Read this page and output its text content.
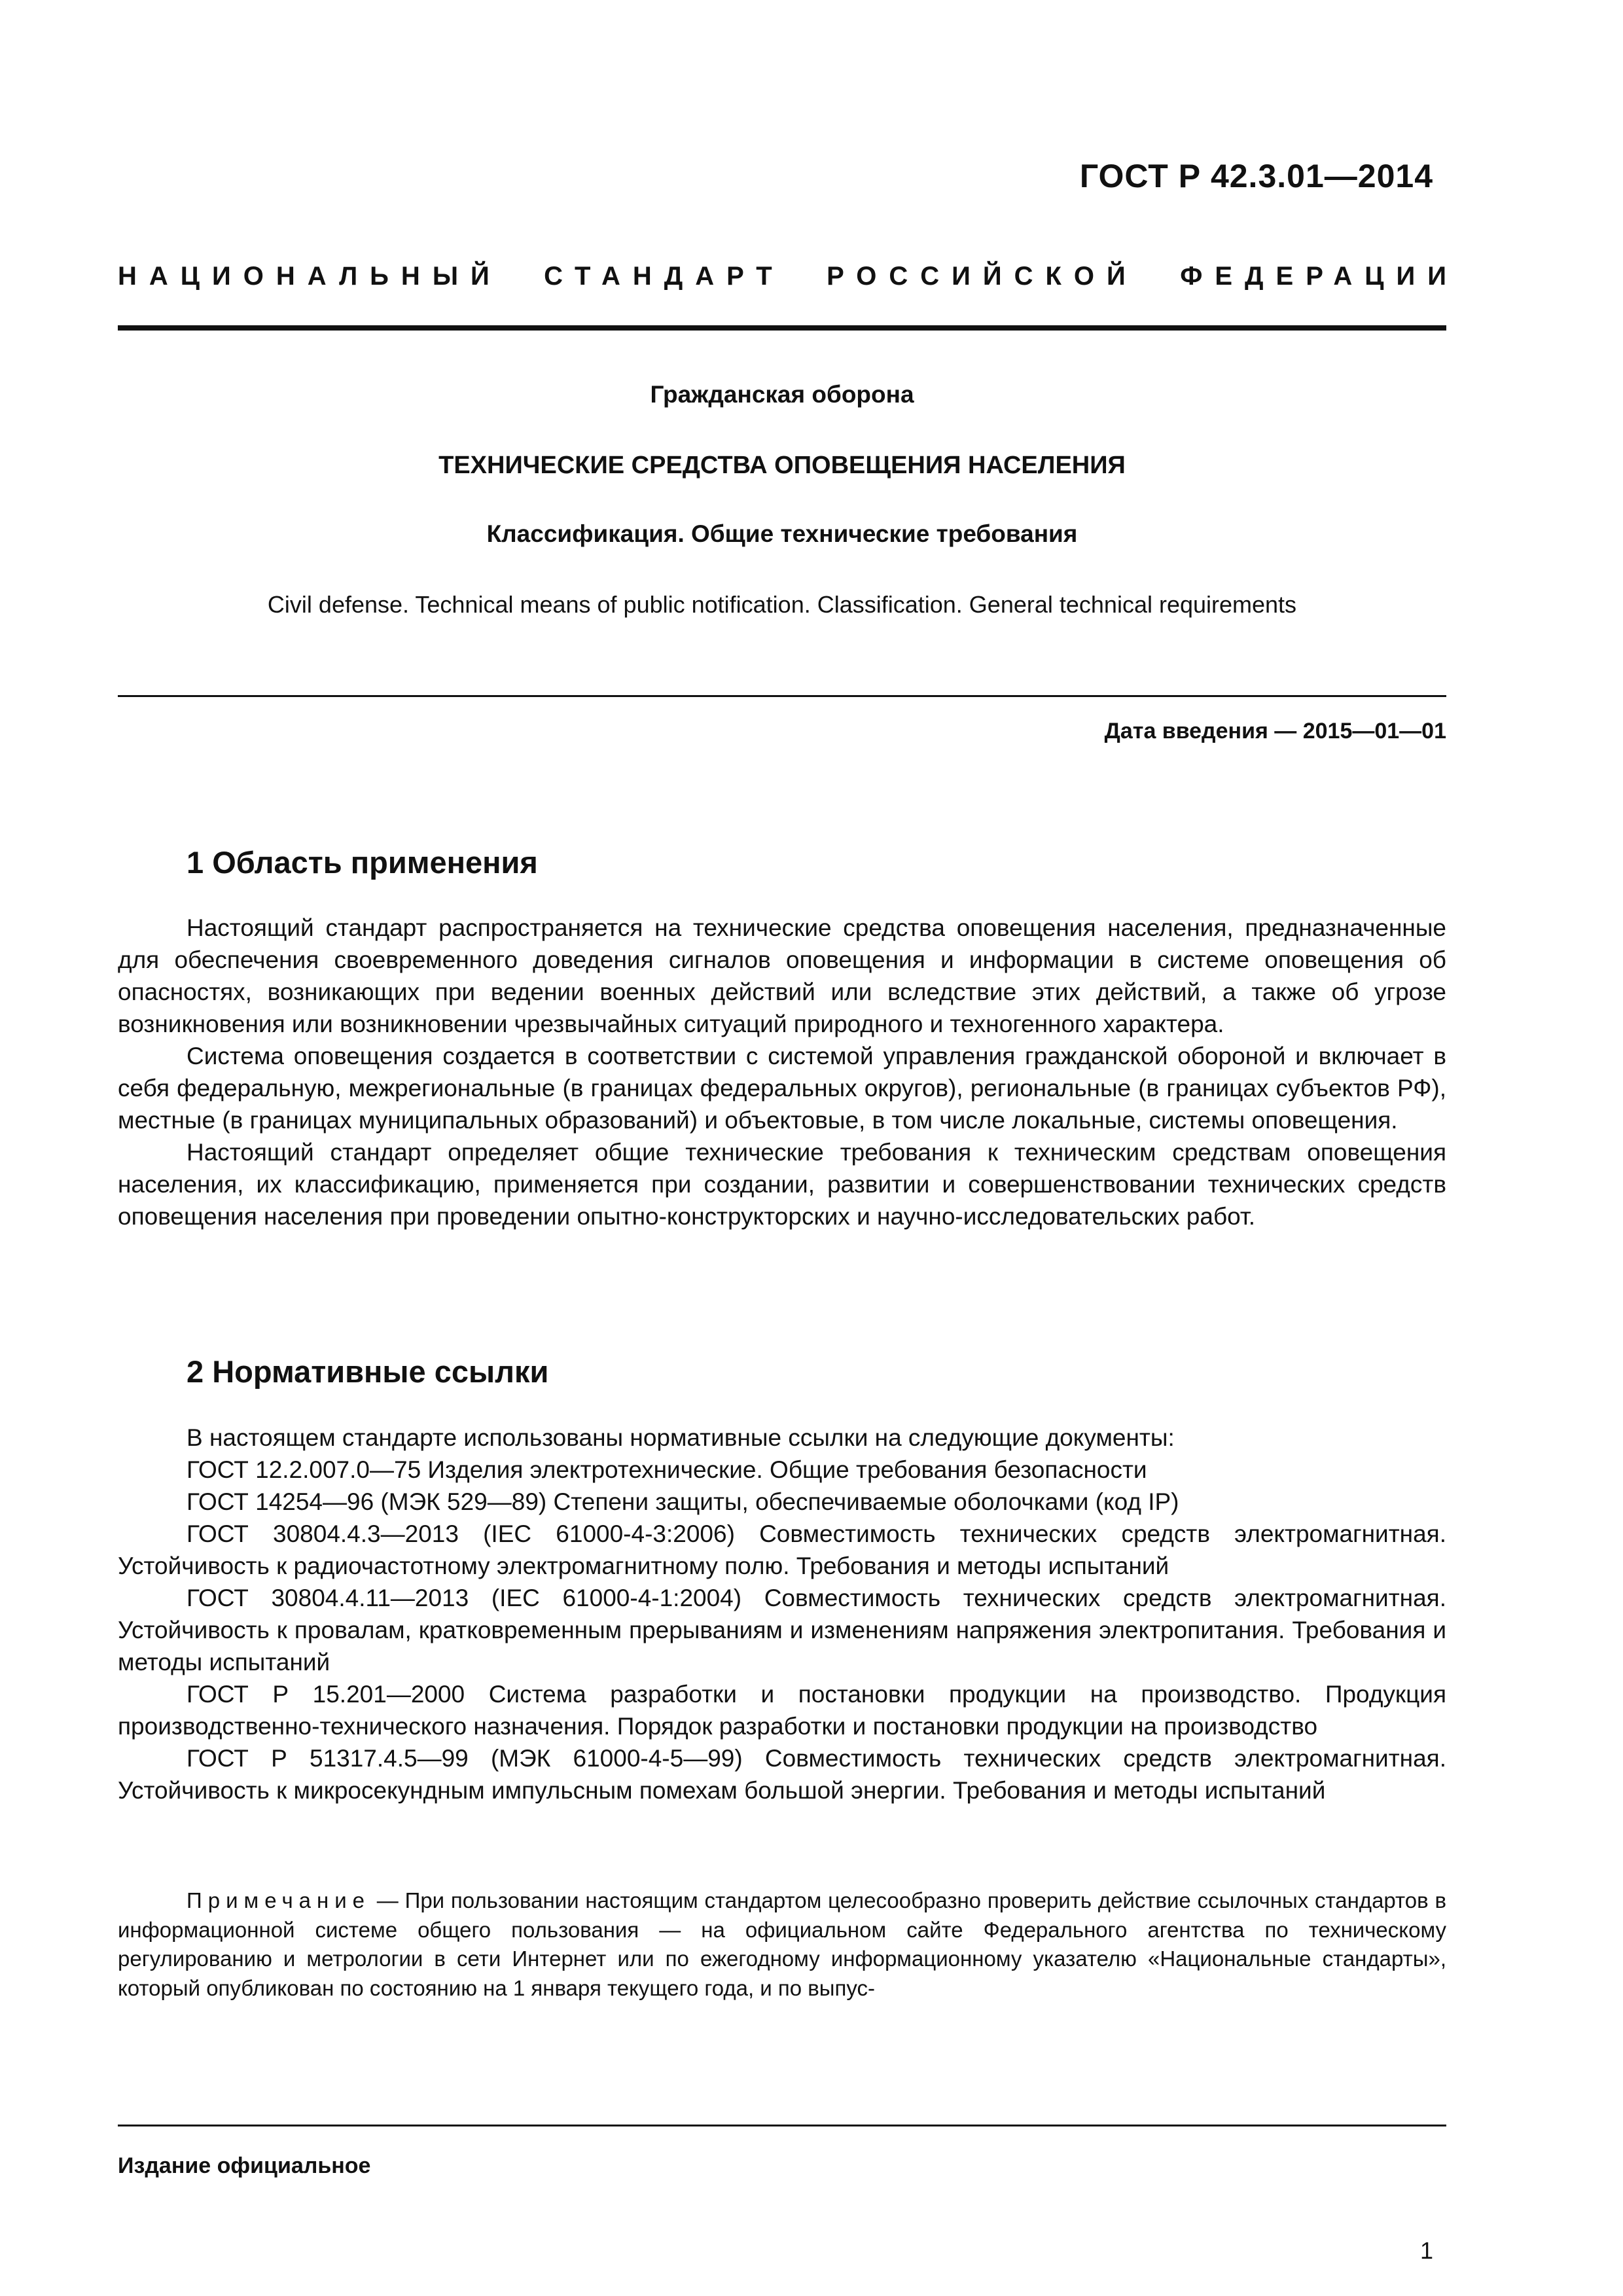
ГОСТ Р 42.3.01—2014
НАЦИОНАЛЬНЫЙ СТАНДАРТ РОССИЙСКОЙ ФЕДЕРАЦИИ
Гражданская оборона
ТЕХНИЧЕСКИЕ СРЕДСТВА ОПОВЕЩЕНИЯ НАСЕЛЕНИЯ
Классификация. Общие технические требования
Civil defense. Technical means of public notification. Classification. General technical requirements
Дата введения — 2015—01—01
1 Область применения

Настоящий стандарт распространяется на технические средства оповещения населения, предназначенные для обеспечения своевременного доведения сигналов оповещения и информации в системе оповещения об опасностях, возникающих при ведении военных действий или вследствие этих действий, а также об угрозе возникновения или возникновении чрезвычайных ситуаций природного и техногенного характера.

Система оповещения создается в соответствии с системой управления гражданской обороной и включает в себя федеральную, межрегиональные (в границах федеральных округов), региональные (в границах субъектов РФ), местные (в границах муниципальных образований) и объектовые, в том числе локальные, системы оповещения.

Настоящий стандарт определяет общие технические требования к техническим средствам оповещения населения, их классификацию, применяется при создании, развитии и совершенствовании технических средств оповещения населения при проведении опытно-конструкторских и научно-исследовательских работ.

2 Нормативные ссылки

В настоящем стандарте использованы нормативные ссылки на следующие документы:

ГОСТ 12.2.007.0—75 Изделия электротехнические. Общие требования безопасности

ГОСТ 14254—96 (МЭК 529—89) Степени защиты, обеспечиваемые оболочками (код IP)

ГОСТ 30804.4.3—2013 (IEC 61000-4-3:2006) Совместимость технических средств электромагнитная. Устойчивость к радиочастотному электромагнитному полю. Требования и методы испытаний

ГОСТ 30804.4.11—2013 (IEC 61000-4-1:2004) Совместимость технических средств электромагнитная. Устойчивость к провалам, кратковременным прерываниям и изменениям напряжения электропитания. Требования и методы испытаний

ГОСТ Р 15.201—2000 Система разработки и постановки продукции на производство. Продукция производственно-технического назначения. Порядок разработки и постановки продукции на производство

ГОСТ Р 51317.4.5—99 (МЭК 61000-4-5—99) Совместимость технических средств электромагнитная. Устойчивость к микросекундным импульсным помехам большой энергии. Требования и методы испытаний

Примечание — При пользовании настоящим стандартом целесообразно проверить действие ссылочных стандартов в информационной системе общего пользования — на официальном сайте Федерального агентства по техническому регулированию и метрологии в сети Интернет или по ежегодному информационному указателю «Национальные стандарты», который опубликован по состоянию на 1 января текущего года, и по выпус-

Издание официальное
1
